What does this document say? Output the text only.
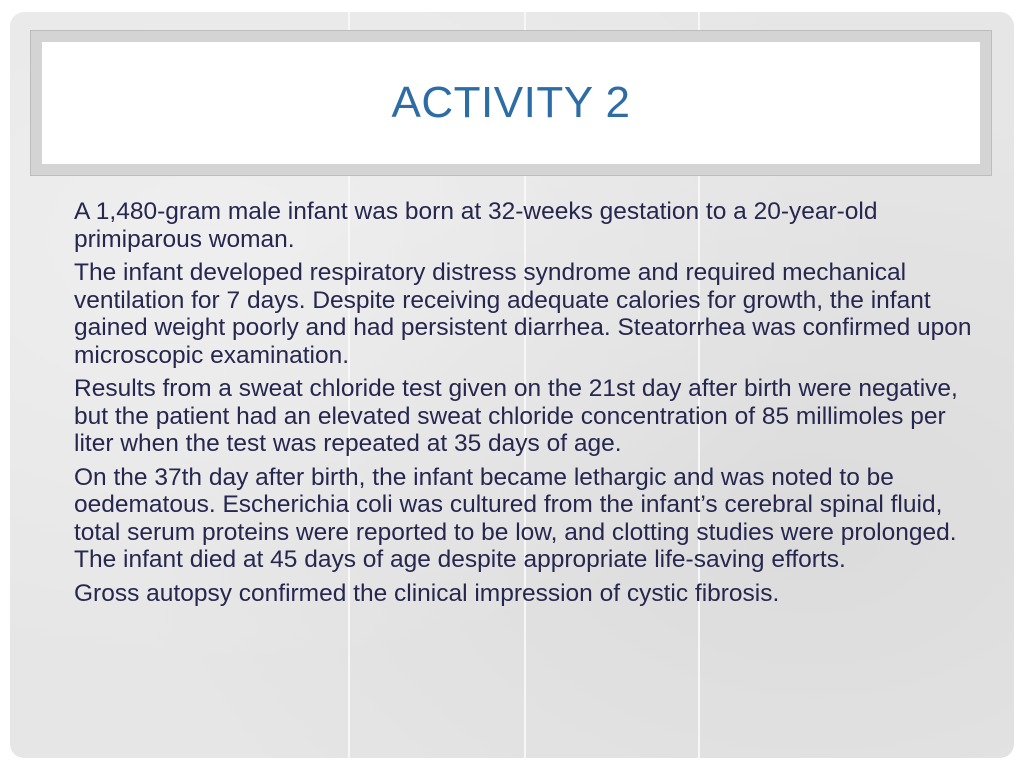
ACTIVITY 2

A 1,480-gram male infant was born at 32-weeks gestation to a 20-year-old primiparous woman.

The infant developed respiratory distress syndrome and required mechanical ventilation for 7 days. Despite receiving adequate calories for growth, the infant gained weight poorly and had persistent diarrhea. Steatorrhea was confirmed upon microscopic examination.

Results from a sweat chloride test given on the 21st day after birth were negative, but the patient had an elevated sweat chloride concentration of 85 millimoles per liter when the test was repeated at 35 days of age.

On the 37th day after birth, the infant became lethargic and was noted to be oedematous. Escherichia coli was cultured from the infant’s cerebral spinal fluid, total serum proteins were reported to be low, and clotting studies were prolonged. The infant died at 45 days of age despite appropriate life-saving efforts.

Gross autopsy confirmed the clinical impression of cystic fibrosis.
